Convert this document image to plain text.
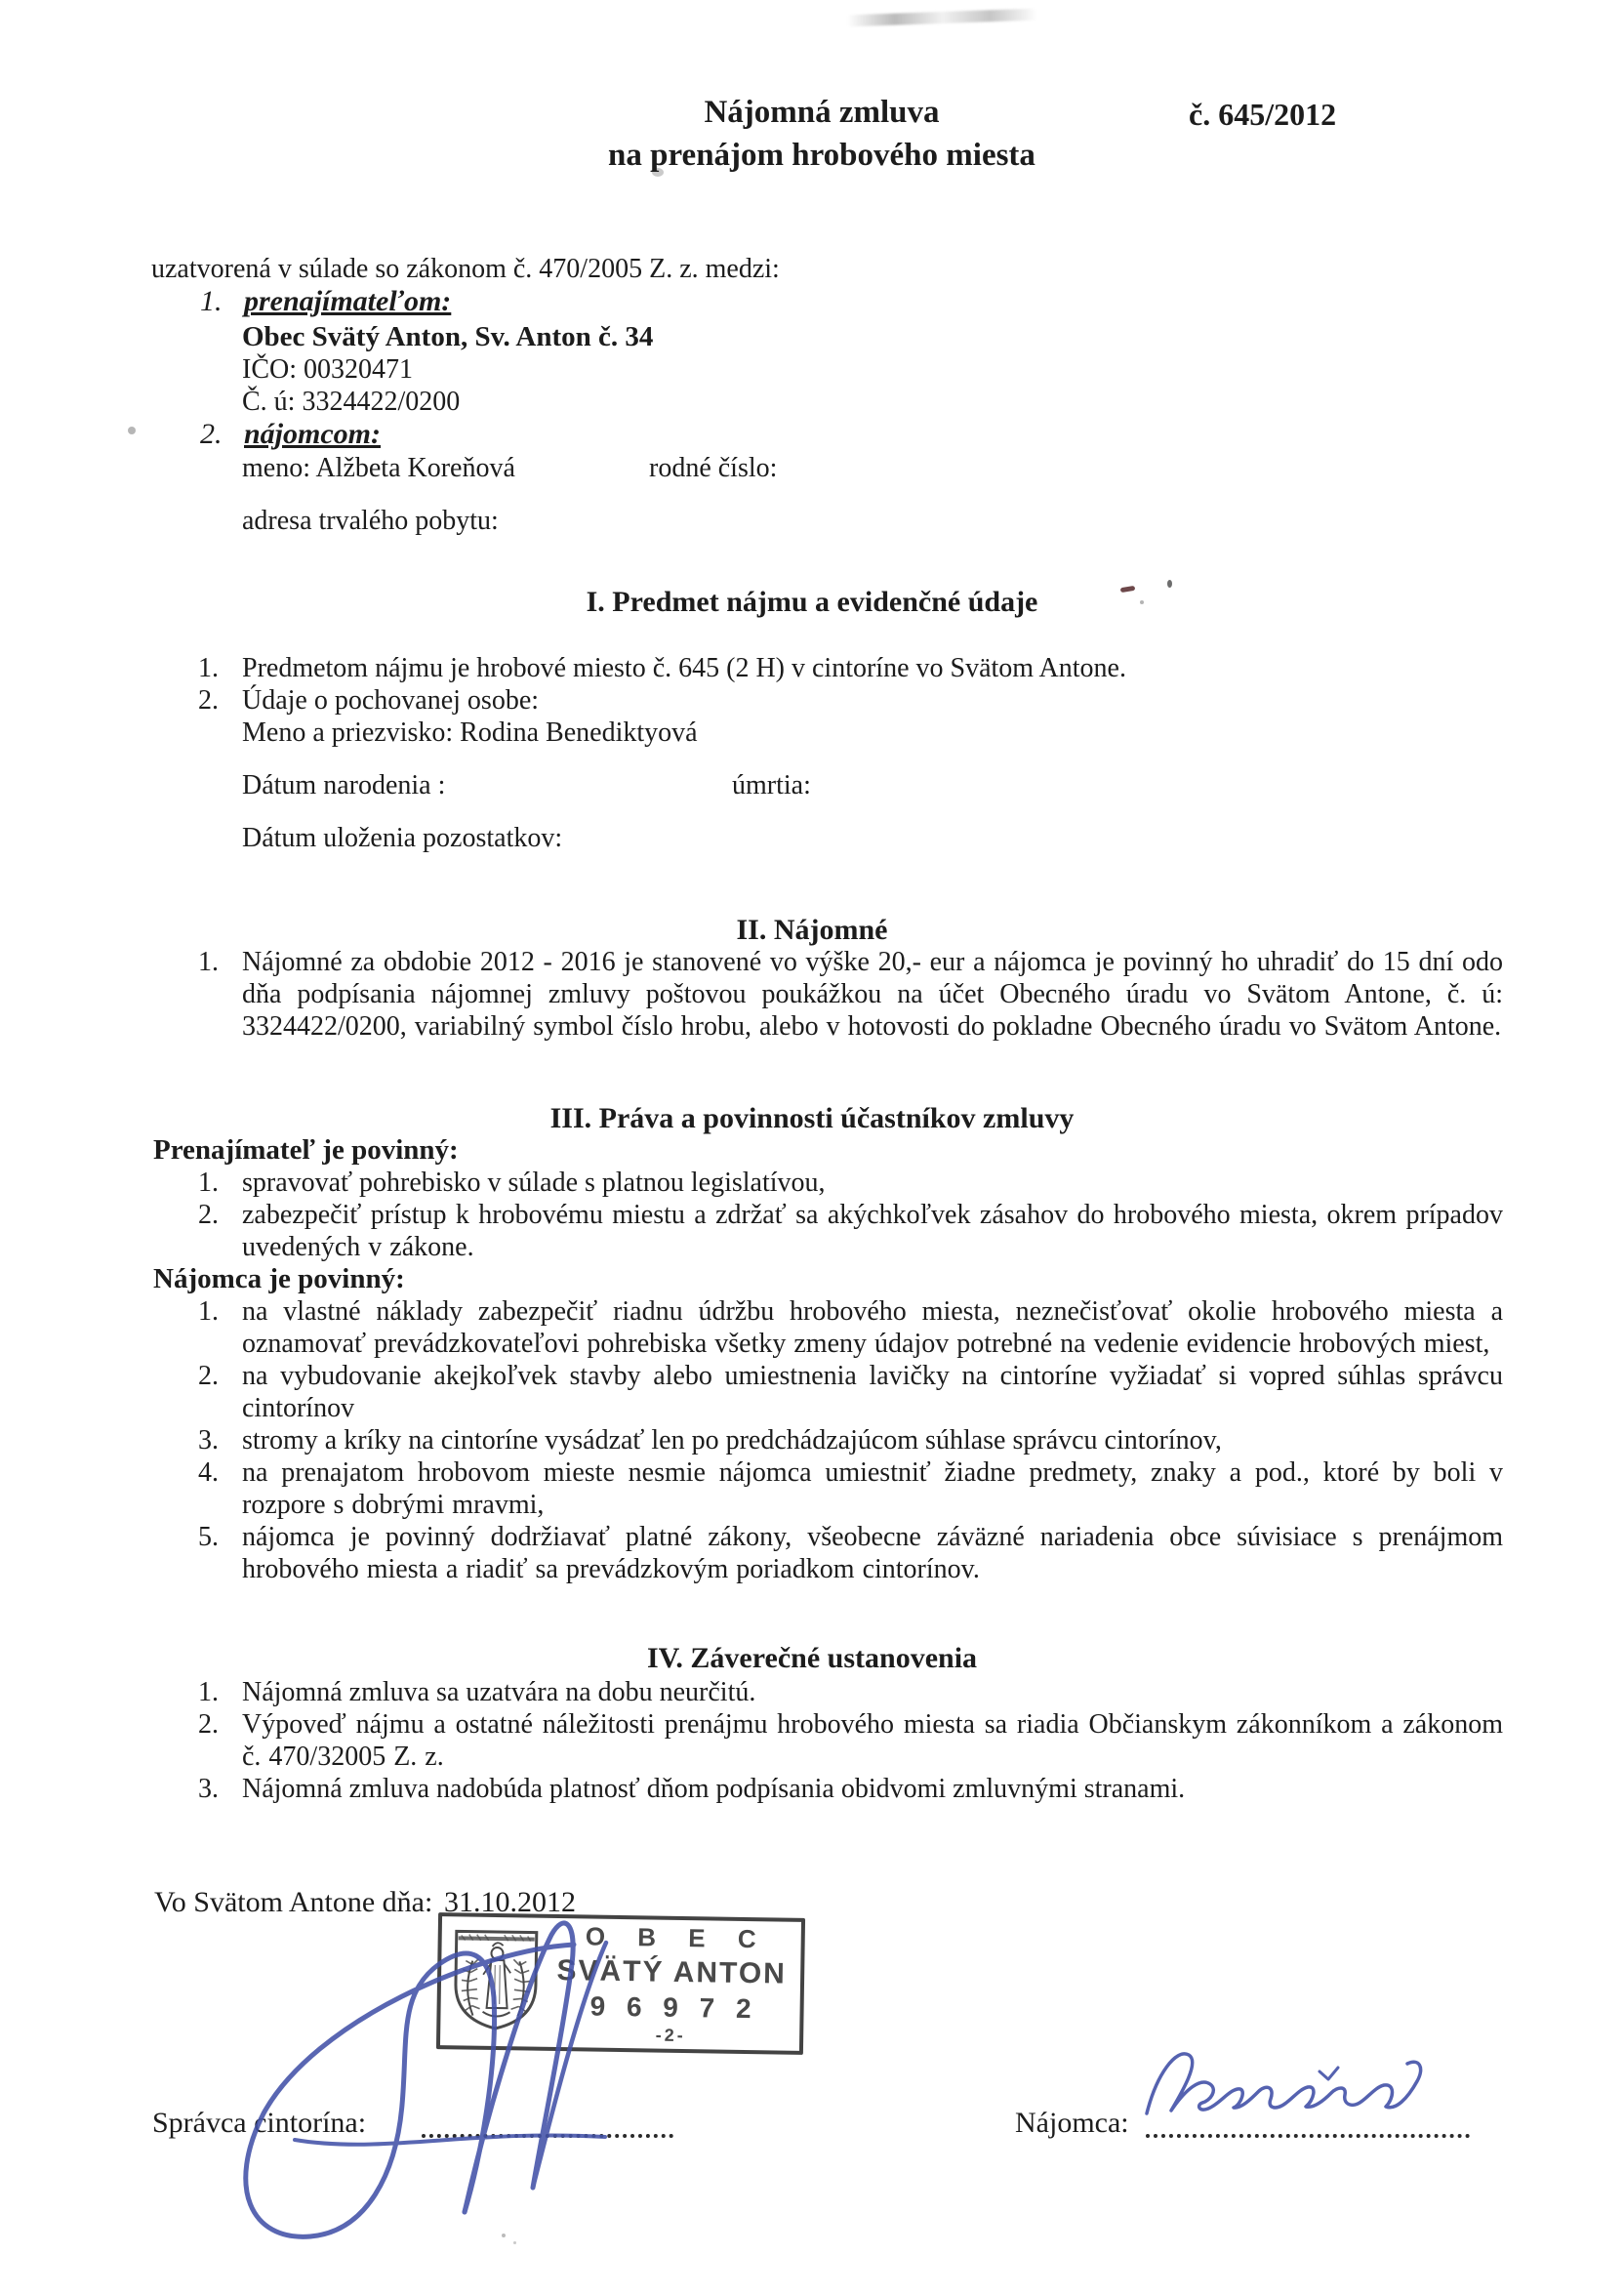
Nájomná zmluva
na prenájom hrobového miesta
č. 645/2012
uzatvorená v súlade so zákonom č. 470/2005 Z. z. medzi:
1. prenajímateľom:
Obec Svätý Anton, Sv. Anton č. 34
IČO: 00320471
Č. ú: 3324422/0200
2. nájomcom:
meno: Alžbeta Koreňová	rodné číslo:
adresa trvalého pobytu:
I. Predmet nájmu a evidenčné údaje
1. Predmetom nájmu je hrobové miesto č. 645 (2 H) v cintoríne vo Svätom Antone.
2. Údaje o pochovanej osobe:
Meno a priezvisko: Rodina Benediktyová
Dátum narodenia :	úmrtia:
Dátum uloženia pozostatkov:
II. Nájomné
1. Nájomné za obdobie 2012 - 2016 je stanovené vo výške 20,- eur a nájomca je povinný ho uhradiť do 15 dní odo dňa podpísania nájomnej zmluvy poštovou poukážkou na účet Obecného úradu vo Svätom Antone, č. ú: 3324422/0200, variabilný symbol číslo hrobu, alebo v hotovosti do pokladne Obecného úradu vo Svätom Antone.
III. Práva a povinnosti účastníkov zmluvy
Prenajímateľ je povinný:
1. spravovať pohrebisko v súlade s platnou legislatívou,
2. zabezpečiť prístup k hrobovému miestu a zdržať sa akýchkoľvek zásahov do hrobového miesta, okrem prípadov uvedených v zákone.
Nájomca je povinný:
1. na vlastné náklady zabezpečiť riadnu údržbu hrobového miesta, neznečisťovať okolie hrobového miesta a oznamovať prevádzkovateľovi pohrebiska všetky zmeny údajov potrebné na vedenie evidencie hrobových miest,
2. na vybudovanie akejkoľvek stavby alebo umiestnenia lavičky na cintoríne vyžiadať si vopred súhlas správcu cintorínov
3. stromy a kríky na cintoríne vysádzať len po predchádzajúcom súhlase správcu cintorínov,
4. na prenajatom hrobovom mieste nesmie nájomca umiestniť žiadne predmety, znaky a pod., ktoré by boli v rozpore s dobrými mravmi,
5. nájomca je povinný dodržiavať platné zákony, všeobecne záväzné nariadenia obce súvisiace s prenájmom hrobového miesta a riadiť sa prevádzkovým poriadkom cintorínov.
IV. Záverečné ustanovenia
1. Nájomná zmluva sa uzatvára na dobu neurčitú.
2. Výpoveď nájmu a ostatné náležitosti prenájmu hrobového miesta sa riadia Občianskym zákonníkom a zákonom č. 470/32005 Z. z.
3. Nájomná zmluva nadobúda platnosť dňom podpísania obidvomi zmluvnými stranami.
Vo Svätom Antone dňa: 31.10.2012
O B E C
SVÄTÝ ANTON
9 6 9 7 2
-2-
Správca cintorína:	Nájomca:
